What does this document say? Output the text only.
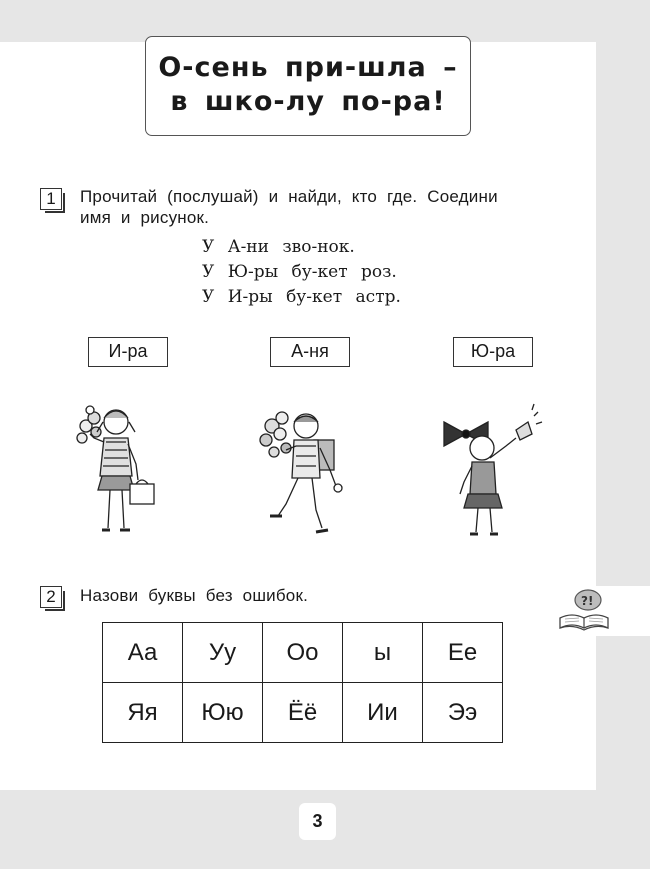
?!
О-сень при-шла –
в шко-лу по-ра!
1	Прочитай (послушай) и найди, кто где. Соедини
имя и рисунок.
У А-ни зво-нок.
У Ю-ры бу-кет роз.
У И-ры бу-кет астр.
И-ра	А-ня	Ю-ра
2	Назови буквы без ошибок.
Аа	Уу	Оо	ы	Ее
Яя	Юю	Ёё	Ии	Ээ
3
